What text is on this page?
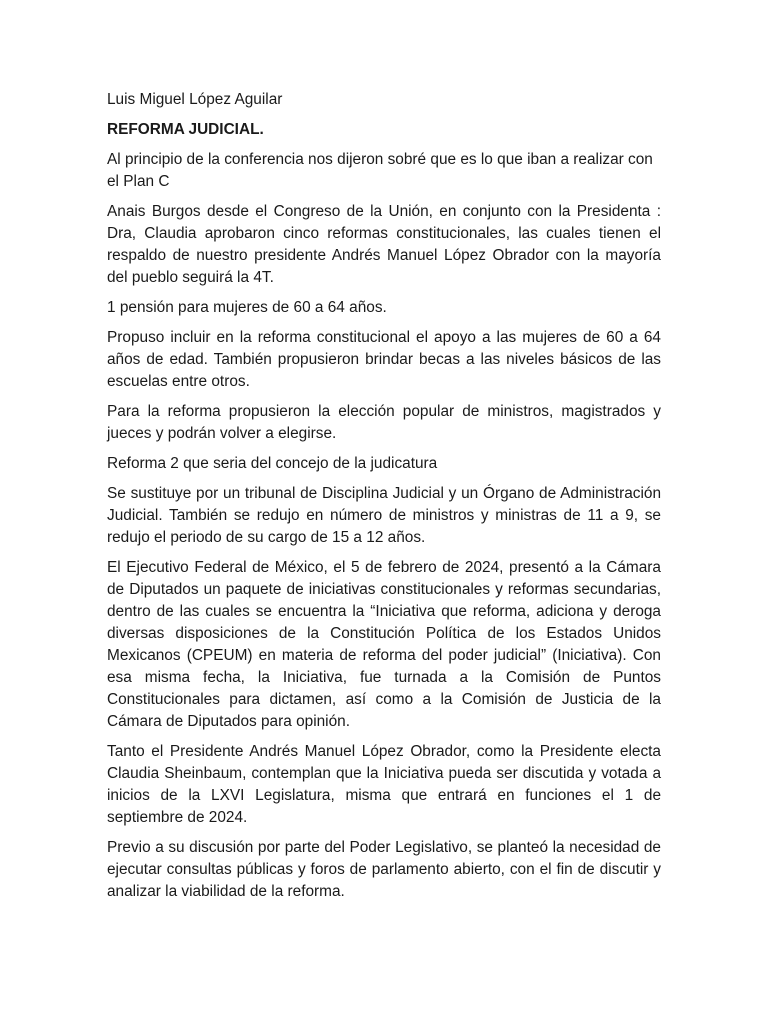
Luis Miguel López Aguilar

REFORMA JUDICIAL.

Al principio de la conferencia nos dijeron sobré que es lo que iban a realizar con el Plan C

Anais Burgos desde el Congreso de la Unión, en conjunto con la Presidenta : Dra, Claudia aprobaron cinco reformas constitucionales, las cuales tienen el respaldo de nuestro presidente Andrés Manuel López Obrador con la mayoría del pueblo seguirá la 4T.

1 pensión para mujeres de 60 a 64 años.

Propuso incluir en la reforma constitucional el apoyo a las mujeres de 60 a 64 años de edad. También propusieron brindar becas a las niveles básicos de las escuelas entre otros.

Para la reforma propusieron la elección popular de ministros, magistrados y jueces y podrán volver a elegirse.

Reforma 2 que seria del concejo de la judicatura

Se sustituye por un tribunal de Disciplina Judicial y un Órgano de Administración Judicial. También se redujo en número de ministros y ministras de 11 a 9, se redujo el periodo de su cargo de 15 a 12 años.

El Ejecutivo Federal de México, el 5 de febrero de 2024, presentó a la Cámara de Diputados un paquete de iniciativas constitucionales y reformas secundarias, dentro de las cuales se encuentra la “Iniciativa que reforma, adiciona y deroga diversas disposiciones de la Constitución Política de los Estados Unidos Mexicanos (CPEUM) en materia de reforma del poder judicial” (Iniciativa). Con esa misma fecha, la Iniciativa, fue turnada a la Comisión de Puntos Constitucionales para dictamen, así como a la Comisión de Justicia de la Cámara de Diputados para opinión.

Tanto el Presidente Andrés Manuel López Obrador, como la Presidente electa Claudia Sheinbaum, contemplan que la Iniciativa pueda ser discutida y votada a inicios de la LXVI Legislatura, misma que entrará en funciones el 1 de septiembre de 2024.

Previo a su discusión por parte del Poder Legislativo, se planteó la necesidad de ejecutar consultas públicas y foros de parlamento abierto, con el fin de discutir y analizar la viabilidad de la reforma.
